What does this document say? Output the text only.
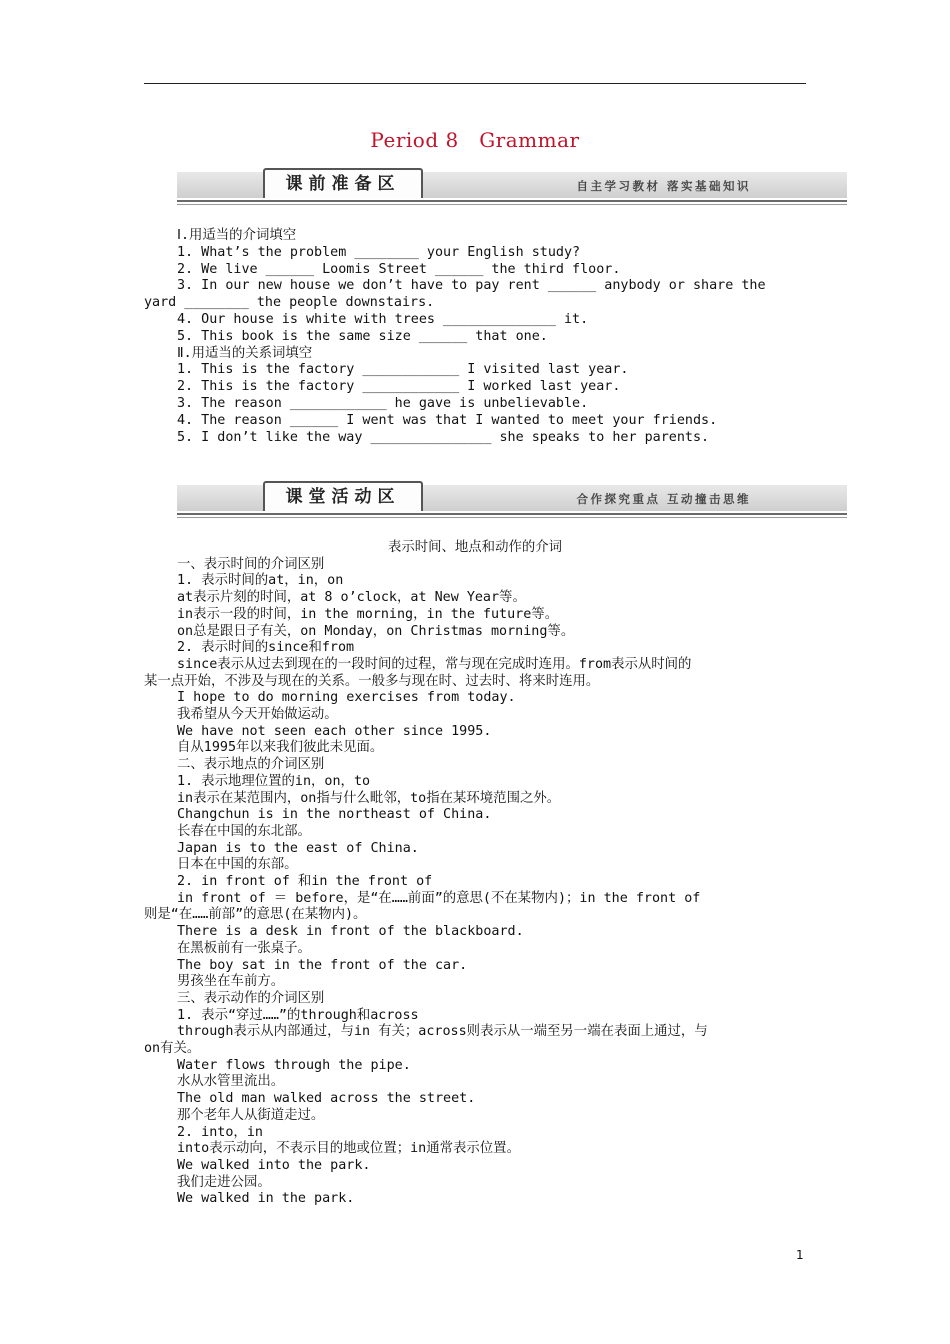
Period 8　Grammar
课前准备区	自主学习教材 落实基础知识
Ⅰ.用适当的介词填空
1. What’s the problem ________ your English study?
2. We live ______ Loomis Street ______ the third floor.
3. In our new house we don’t have to pay rent ______ anybody or share the
yard ________ the people downstairs.
4. Our house is white with trees ______________ it.
5. This book is the same size ______ that one.
Ⅱ.用适当的关系词填空
1. This is the factory ____________ I visited last year.
2. This is the factory ____________ I worked last year.
3. The reason ____________ he gave is unbelievable.
4. The reason ______ I went was that I wanted to meet your friends.
5. I don’t like the way _______________ she speaks to her parents.
课堂活动区	合作探究重点 互动撞击思维
表示时间、地点和动作的介词
一、表示时间的介词区别
1. 表示时间的at，in，on
at表示片刻的时间，at 8 o’clock，at New Year等。
in表示一段的时间，in the morning，in the future等。
on总是跟日子有关，on Monday，on Christmas morning等。
2. 表示时间的since和from
since表示从过去到现在的一段时间的过程，常与现在完成时连用。from表示从时间的
某一点开始，不涉及与现在的关系。一般多与现在时、过去时、将来时连用。
I hope to do morning exercises from today.
我希望从今天开始做运动。
We have not seen each other since 1995.
自从1995年以来我们彼此未见面。
二、表示地点的介词区别
1. 表示地理位置的in，on，to
in表示在某范围内，on指与什么毗邻，to指在某环境范围之外。
Changchun is in the northeast of China.
长春在中国的东北部。
Japan is to the east of China.
日本在中国的东部。
2. in front of 和in the front of
in front of ＝ before，是“在……前面”的意思(不在某物内)；in the front of
则是“在……前部”的意思(在某物内)。
There is a desk in front of the blackboard.
在黑板前有一张桌子。
The boy sat in the front of the car.
男孩坐在车前方。
三、表示动作的介词区别
1. 表示“穿过……”的through和across
through表示从内部通过，与in 有关；across则表示从一端至另一端在表面上通过，与
on有关。
Water flows through the pipe.
水从水管里流出。
The old man walked across the street.
那个老年人从街道走过。
2. into，in
into表示动向，不表示目的地或位置；in通常表示位置。
We walked into the park.
我们走进公园。
We walked in the park.
1
